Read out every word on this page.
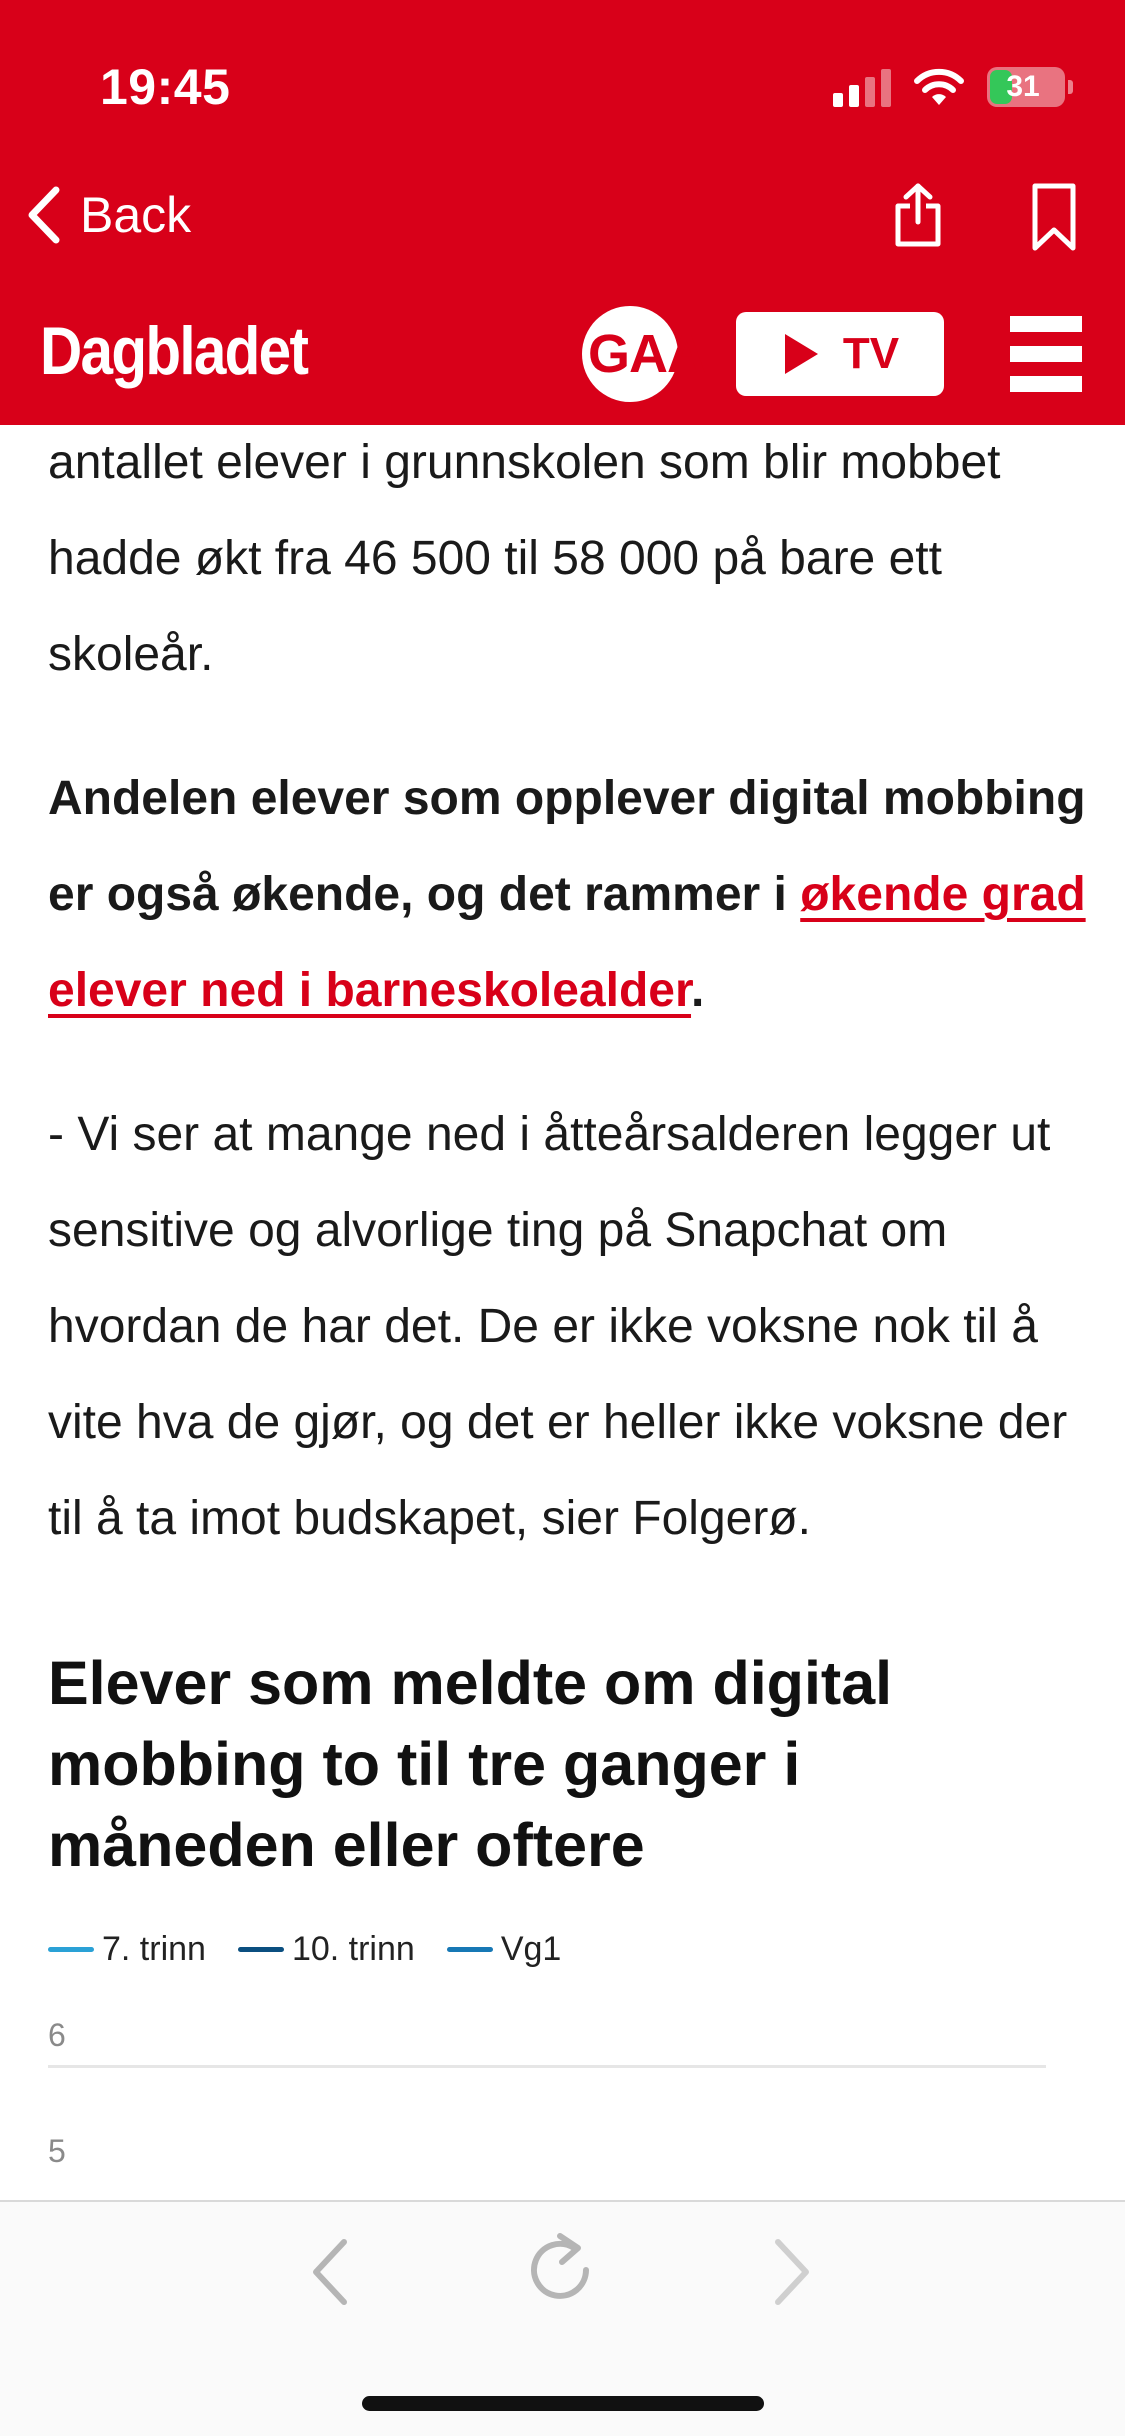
19:45	31
Back
Dagbladet	GAA	TV

antallet elever i grunnskolen som blir mobbet hadde økt fra 46 500 til 58 000 på bare ett skoleår.

Andelen elever som opplever digital mobbing er også økende, og det rammer i økende grad elever ned i barneskolealder.

- Vi ser at mange ned i åtteårsalderen legger ut sensitive og alvorlige ting på Snapchat om hvordan de har det. De er ikke voksne nok til å vite hva de gjør, og det er heller ikke voksne der til å ta imot budskapet, sier Folgerø.

Elever som meldte om digital mobbing to til tre ganger i måneden eller oftere
7. trinn	10. trinn	Vg1
6
5
